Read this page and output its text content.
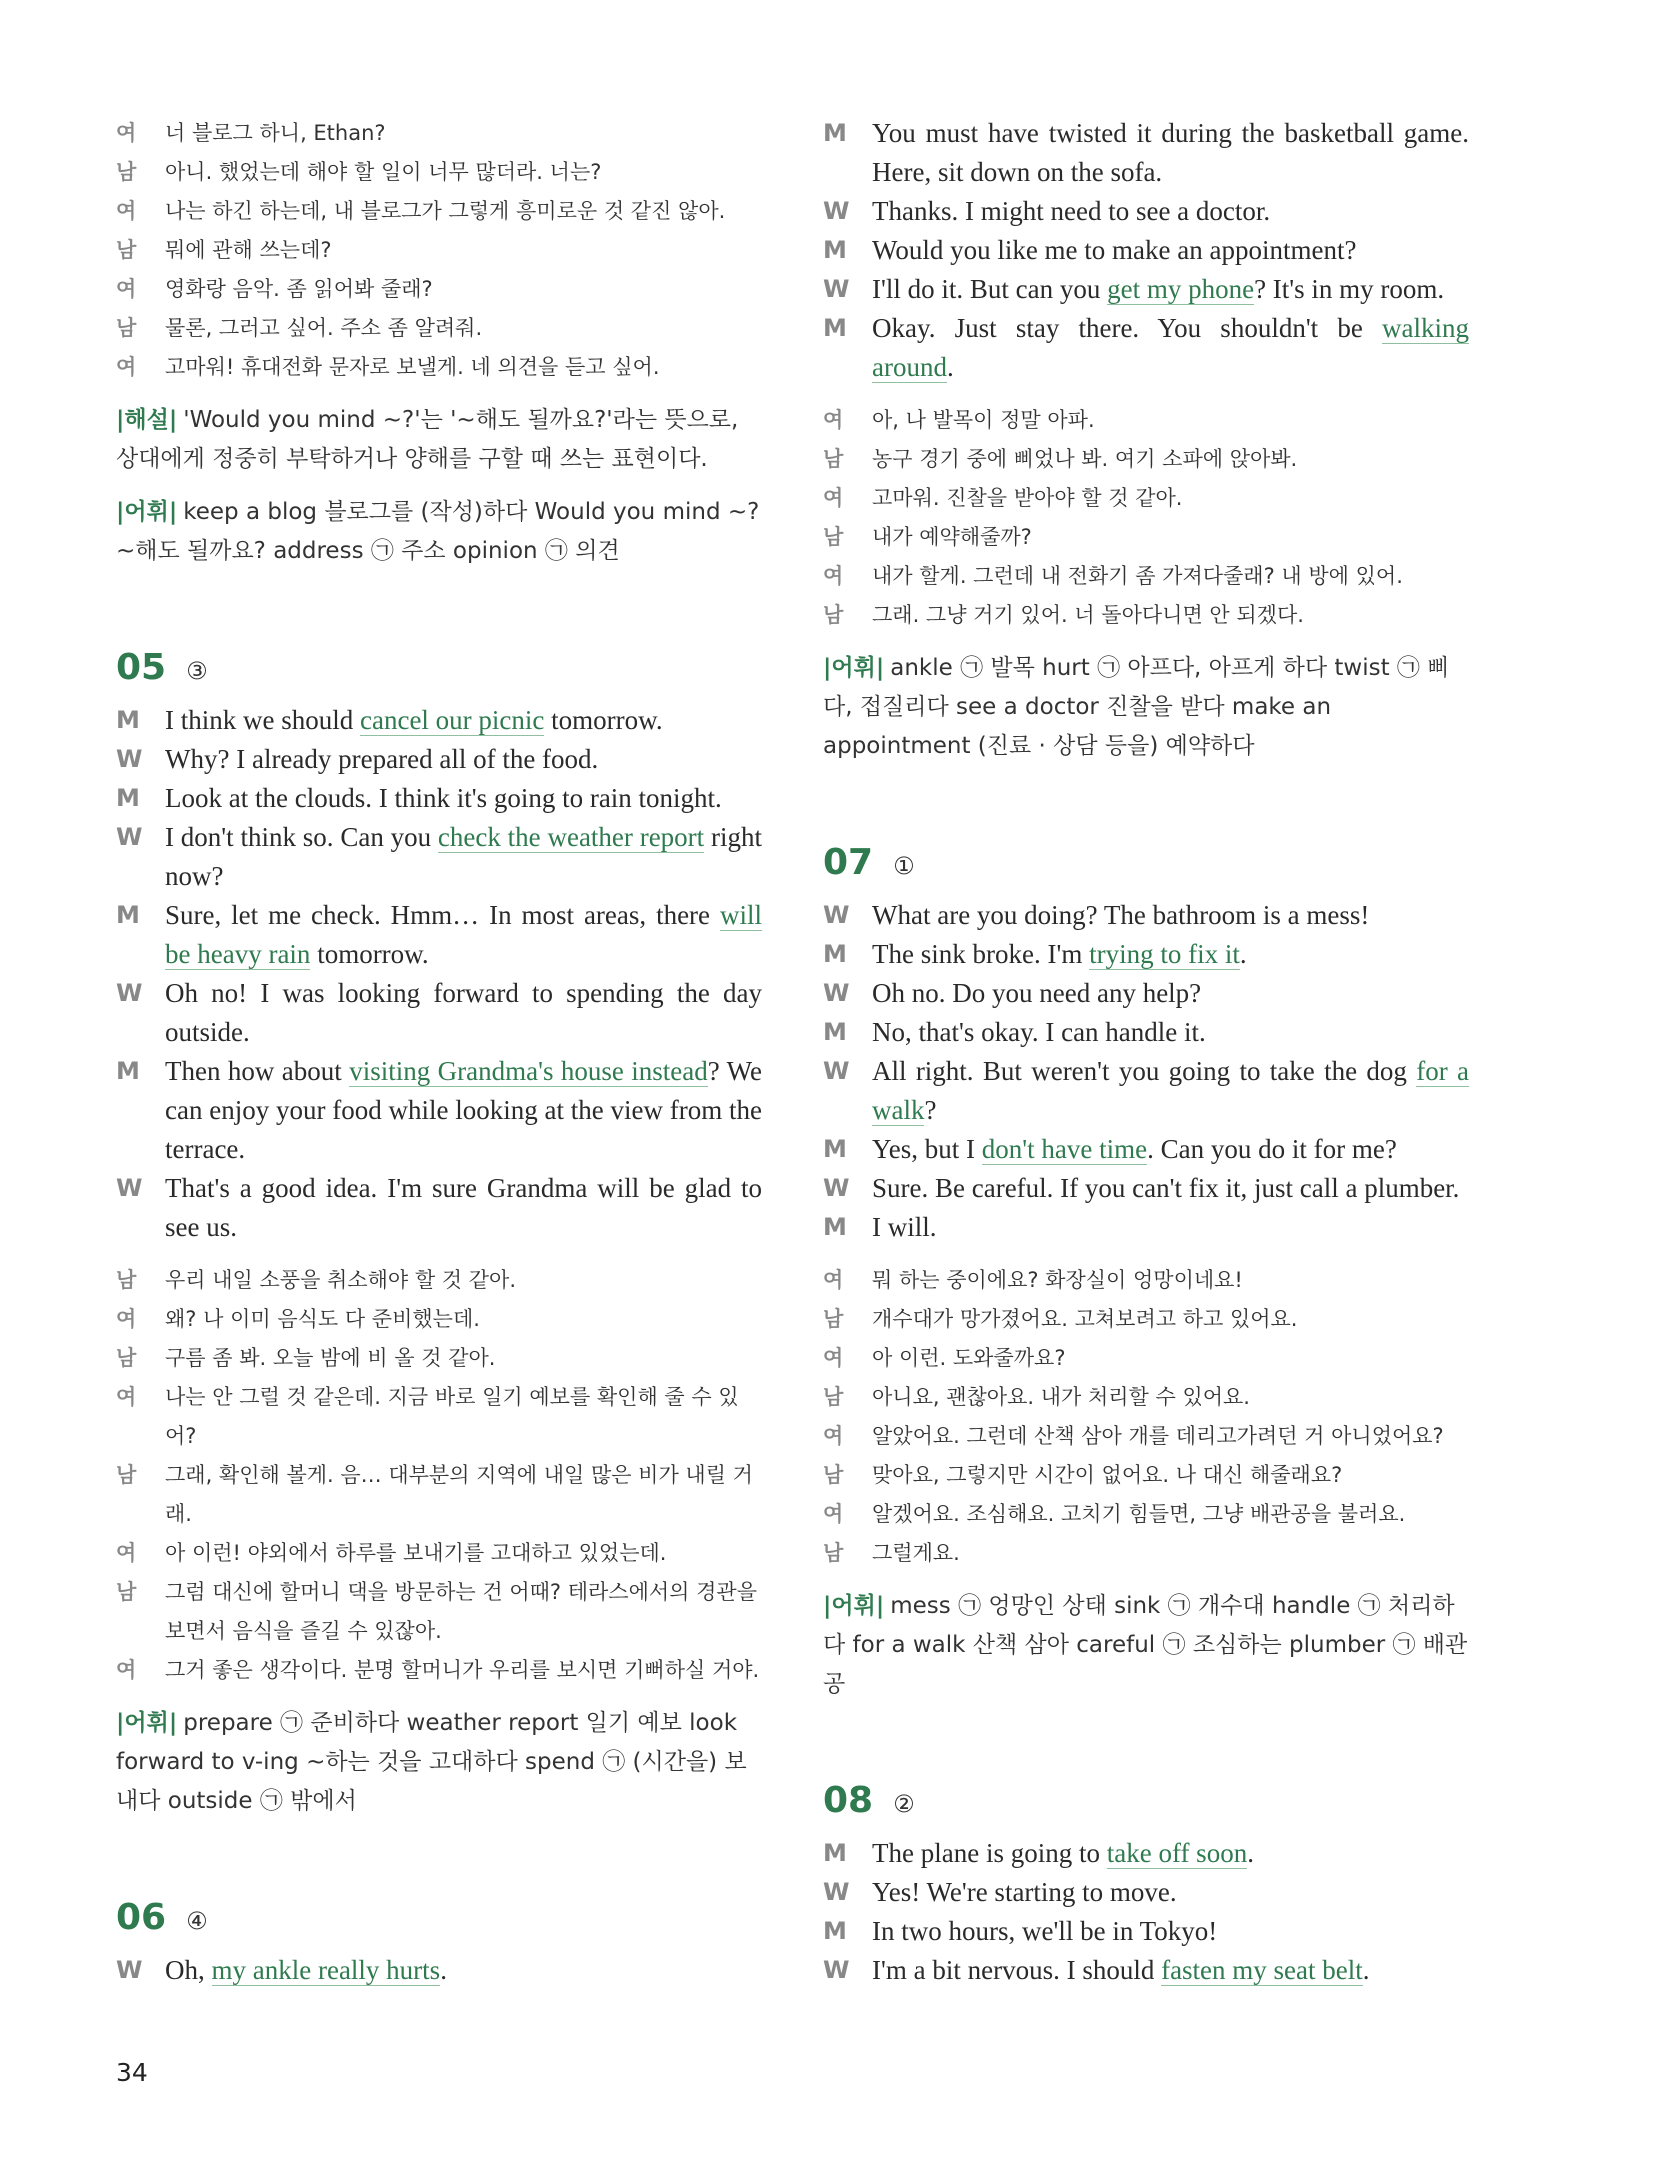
여	너 블로그 하니, Ethan?
남	아니. 했었는데 해야 할 일이 너무 많더라. 너는?
여	나는 하긴 하는데, 내 블로그가 그렇게 흥미로운 것 같진 않아.
남	뭐에 관해 쓰는데?
여	영화랑 음악. 좀 읽어봐 줄래?
남	물론, 그러고 싶어. 주소 좀 알려줘.
여	고마워! 휴대전화 문자로 보낼게. 네 의견을 듣고 싶어.

|해설| 'Would you mind ~?'는 '~해도 될까요?'라는 뜻으로, 상대에게 정중히 부탁하거나 양해를 구할 때 쓰는 표현이다.

|어휘| keep a blog 블로그를 (작성)하다 Would you mind ~? ~해도 될까요? address ㉠ 주소 opinion ㉠ 의견

05 ③
M I think we should cancel our picnic tomorrow.
W Why? I already prepared all of the food.
M Look at the clouds. I think it's going to rain tonight.
W I don't think so. Can you check the weather report right now?
M Sure, let me check. Hmm… In most areas, there will be heavy rain tomorrow.
W Oh no! I was looking forward to spending the day outside.
M Then how about visiting Grandma's house instead? We can enjoy your food while looking at the view from the terrace.
W That's a good idea. I'm sure Grandma will be glad to see us.
남	우리 내일 소풍을 취소해야 할 것 같아.
여	왜? 나 이미 음식도 다 준비했는데.
남	구름 좀 봐. 오늘 밤에 비 올 것 같아.
여	나는 안 그럴 것 같은데. 지금 바로 일기 예보를 확인해 줄 수 있어?
남	그래, 확인해 볼게. 음… 대부분의 지역에 내일 많은 비가 내릴 거래.
여	아 이런! 야외에서 하루를 보내기를 고대하고 있었는데.
남	그럼 대신에 할머니 댁을 방문하는 건 어때? 테라스에서의 경관을 보면서 음식을 즐길 수 있잖아.
여	그거 좋은 생각이다. 분명 할머니가 우리를 보시면 기뻐하실 거야.

|어휘| prepare ㉠ 준비하다 weather report 일기 예보 look forward to v-ing ~하는 것을 고대하다 spend ㉠ (시간을) 보내다 outside ㉠ 밖에서

06 ④
W Oh, my ankle really hurts.
M You must have twisted it during the basketball game. Here, sit down on the sofa.
W Thanks. I might need to see a doctor.
M Would you like me to make an appointment?
W I'll do it. But can you get my phone? It's in my room.
M Okay. Just stay there. You shouldn't be walking around.
여	아, 나 발목이 정말 아파.
남	농구 경기 중에 삐었나 봐. 여기 소파에 앉아봐.
여	고마워. 진찰을 받아야 할 것 같아.
남	내가 예약해줄까?
여	내가 할게. 그런데 내 전화기 좀 가져다줄래? 내 방에 있어.
남	그래. 그냥 거기 있어. 너 돌아다니면 안 되겠다.

|어휘| ankle ㉠ 발목 hurt ㉠ 아프다, 아프게 하다 twist ㉠ 삐다, 접질리다 see a doctor 진찰을 받다 make an appointment (진료 · 상담 등을) 예약하다

07 ①
W What are you doing? The bathroom is a mess!
M The sink broke. I'm trying to fix it.
W Oh no. Do you need any help?
M No, that's okay. I can handle it.
W All right. But weren't you going to take the dog for a walk?
M Yes, but I don't have time. Can you do it for me?
W Sure. Be careful. If you can't fix it, just call a plumber.
M I will.
여	뭐 하는 중이에요? 화장실이 엉망이네요!
남	개수대가 망가졌어요. 고쳐보려고 하고 있어요.
여	아 이런. 도와줄까요?
남	아니요, 괜찮아요. 내가 처리할 수 있어요.
여	알았어요. 그런데 산책 삼아 개를 데리고가려던 거 아니었어요?
남	맞아요, 그렇지만 시간이 없어요. 나 대신 해줄래요?
여	알겠어요. 조심해요. 고치기 힘들면, 그냥 배관공을 불러요.
남	그럴게요.

|어휘| mess ㉠ 엉망인 상태 sink ㉠ 개수대 handle ㉠ 처리하다 for a walk 산책 삼아 careful ㉠ 조심하는 plumber ㉠ 배관공

08 ②
M The plane is going to take off soon.
W Yes! We're starting to move.
M In two hours, we'll be in Tokyo!
W I'm a bit nervous. I should fasten my seat belt.
34
